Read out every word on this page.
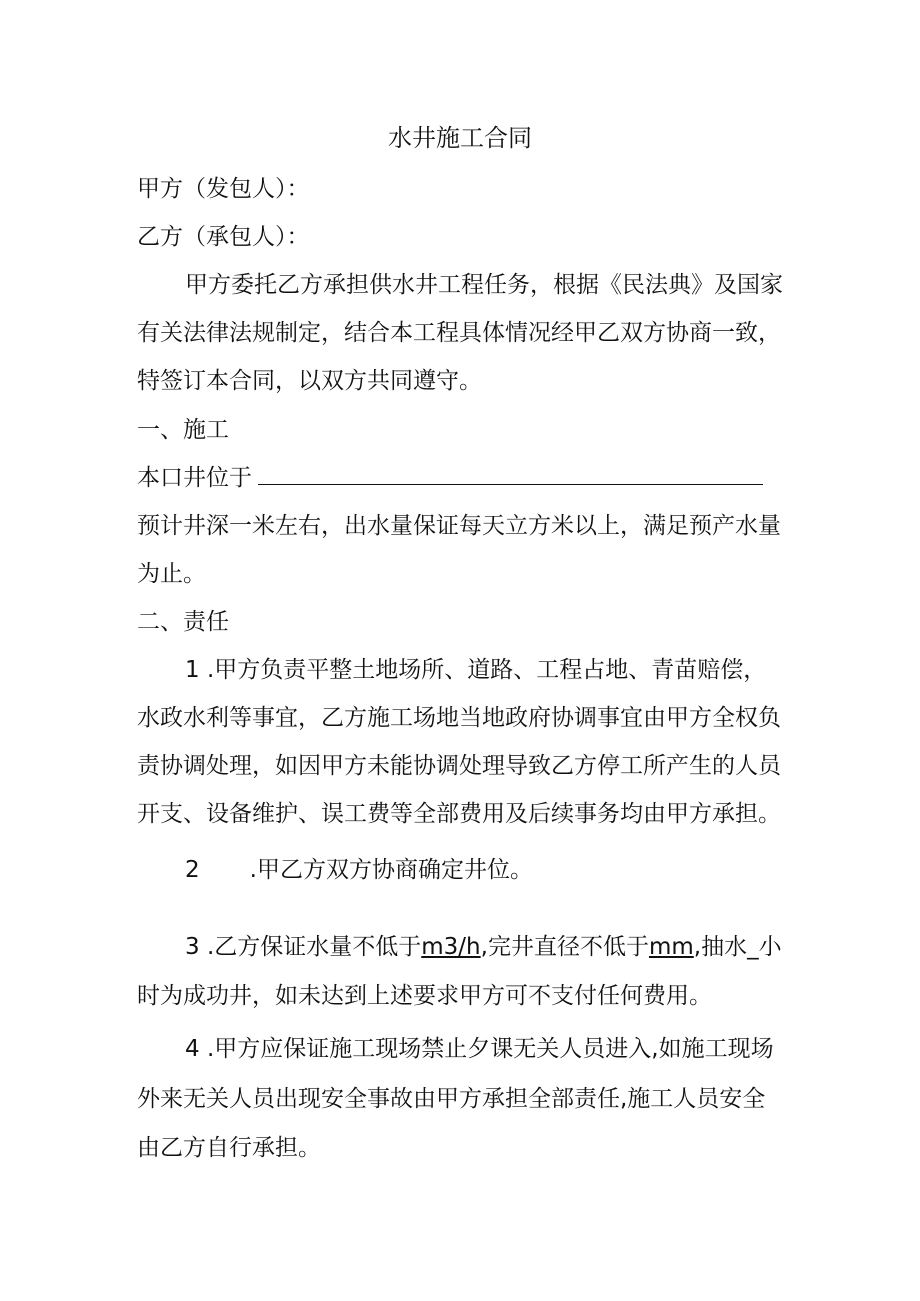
水井施工合同
甲方（发包人）：
乙方（承包人）：
甲方委托乙方承担供水井工程任务，根据《民法典》及国家
有关法律法规制定，结合本工程具体情况经甲乙双方协商一致，
特签订本合同，以双方共同遵守。
一、施工
本口井位于
预计井深一米左右，出水量保证每天立方米以上，满足预产水量
为止。
二、责任
1 .甲方负责平整土地场所、道路、工程占地、青苗赔偿，
水政水利等事宜，乙方施工场地当地政府协调事宜由甲方全权负
责协调处理，如因甲方未能协调处理导致乙方停工所产生的人员
开支、设备维护、误工费等全部费用及后续事务均由甲方承担。
2 .甲乙方双方协商确定井位。
3 .乙方保证水量不低于m3/h,完井直径不低于mm,抽水_小
时为成功井，如未达到上述要求甲方可不支付任何费用。
4 .甲方应保证施工现场禁止夕课无关人员进入,如施工现场
外来无关人员出现安全事故由甲方承担全部责任,施工人员安全
由乙方自行承担。
